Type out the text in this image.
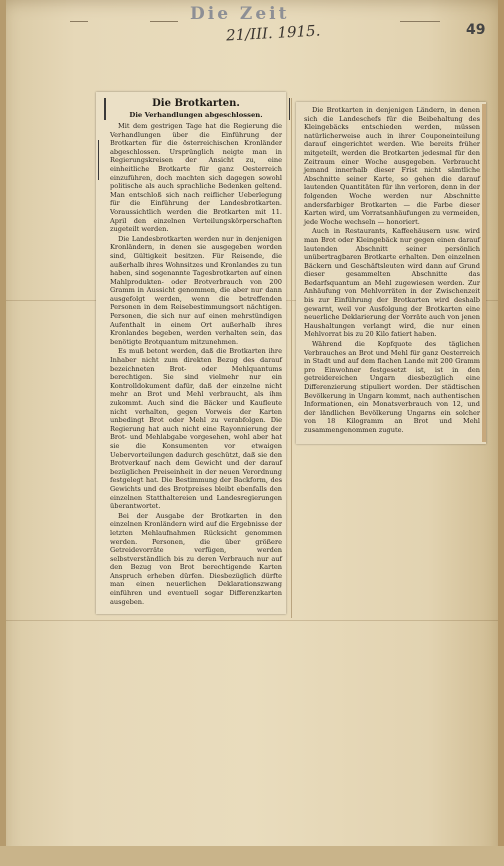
Die Zeit
21/III. 1915.	49
Die Brotkarten.
Die Verhandlungen abgeschlossen.

Mit dem gestrigen Tage hat die Regierung die Verhandlungen über die Einführung der Brotkarten für die österreichischen Kronländer abgeschlossen. Ursprünglich neigte man in Regierungskreisen der Ansicht zu, eine einheitliche Brotkarte für ganz Oesterreich einzuführen, doch machten sich dagegen sowohl politische als auch sprachliche Bedenken geltend. Man entschloß sich nach reiflicher Ueberlegung für die Einführung der Landesbrotkarten. Voraussichtlich werden die Brotkarten mit 11. April den einzelnen Verteilungskörperschaften zugeteilt werden.

Die Landesbrotkarten werden nur in denjenigen Kronländern, in denen sie ausgegeben worden sind, Gültigkeit besitzen. Für Reisende, die außerhalb ihres Wohnsitzes und Kronlandes zu tun haben, sind sogenannte Tagesbrotkarten auf einen Mahlprodukten- oder Brotverbrauch von 200 Gramm in Aussicht genommen, die aber nur dann ausgefolgt werden, wenn die betreffenden Personen in dem Reisebestimmungsort nächtigen. Personen, die sich nur auf einen mehrstündigen Aufenthalt in einem Ort außerhalb ihres Kronlandes begeben, werden verhalten sein, das benötigte Brotquantum mitzunehmen.

Es muß betont werden, daß die Brotkarten ihre Inhaber nicht zum direkten Bezug des darauf bezeichneten Brot- oder Mehlquantums berechtigen. Sie sind vielmehr nur ein Kontrolldokument dafür, daß der einzelne nicht mehr an Brot und Mehl verbraucht, als ihm zukommt. Auch sind die Bäcker und Kaufleute nicht verhalten, gegen Vorweis der Karten unbedingt Brot oder Mehl zu verabfolgen. Die Regierung hat auch nicht eine Rayonnierung der Brot- und Mehlabgabe vorgesehen, wohl aber hat sie die Konsumenten vor etwaigen Uebervorteilungen dadurch geschützt, daß sie den Brotverkauf nach dem Gewicht und der darauf bezüglichen Preiseinheit in der neuen Verordnung festgelegt hat. Die Bestimmung der Backform, des Gewichts und des Brotpreises bleibt ebenfalls den einzelnen Statthaltereien und Landesregierungen überantwortet.

Bei der Ausgabe der Brotkarten in den einzelnen Kronländern wird auf die Ergebnisse der letzten Mehlaufnahmen Rücksicht genommen werden. Personen, die über größere Getreidevorräte verfügen, werden selbstverständlich bis zu deren Verbrauch nur auf den Bezug von Brot berechtigende Karten Anspruch erheben dürfen. Diesbezüglich dürfte man einen neuerlichen Deklarationszwang einführen und eventuell sogar Differenzkarten ausgeben.

Die Brotkarten in denjenigen Ländern, in denen sich die Landeschefs für die Beibehaltung des Kleingebäcks entschieden werden, müssen natürlicherweise auch in ihrer Couponeinteilung darauf eingerichtet werden. Wie bereits früher mitgeteilt, werden die Brotkarten jedesmal für den Zeitraum einer Woche ausgegeben. Verbraucht jemand innerhalb dieser Frist nicht sämtliche Abschnitte seiner Karte, so gehen die darauf lautenden Quantitäten für ihn verloren, denn in der folgenden Woche werden nur Abschnitte andersfarbiger Brotkarten — die Farbe dieser Karten wird, um Vorratsanhäufungen zu vermeiden, jede Woche wechseln — honoriert.

Auch in Restaurants, Kaffeehäusern usw. wird man Brot oder Kleingebäck nur gegen einen darauf lautenden Abschnitt seiner persönlich unübertragbaren Brotkarte erhalten. Den einzelnen Bäckern und Geschäftsleuten wird dann auf Grund dieser gesammelten Abschnitte das Bedarfsquantum an Mehl zugewiesen werden. Zur Anhäufung von Mehlvorräten in der Zwischenzeit bis zur Einführung der Brotkarten wird deshalb gewarnt, weil vor Ausfolgung der Brotkarten eine neuerliche Deklarierung der Vorräte auch von jenen Haushaltungen verlangt wird, die nur einen Mehlvorrat bis zu 20 Kilo fatiert haben.

Während die Kopfquote des täglichen Verbrauches an Brot und Mehl für ganz Oesterreich in Stadt und auf dem flachen Lande mit 200 Gramm pro Einwohner festgesetzt ist, ist in den getreidereichen Ungarn diesbezüglich eine Differenzierung stipuliert worden. Der städtischen Bevölkerung in Ungarn kommt, nach authentischen Informationen, ein Monatsverbrauch von 12, und der ländlichen Bevölkerung Ungarns ein solcher von 18 Kilogramm an Brot und Mehl zusammengenommen zugute.
